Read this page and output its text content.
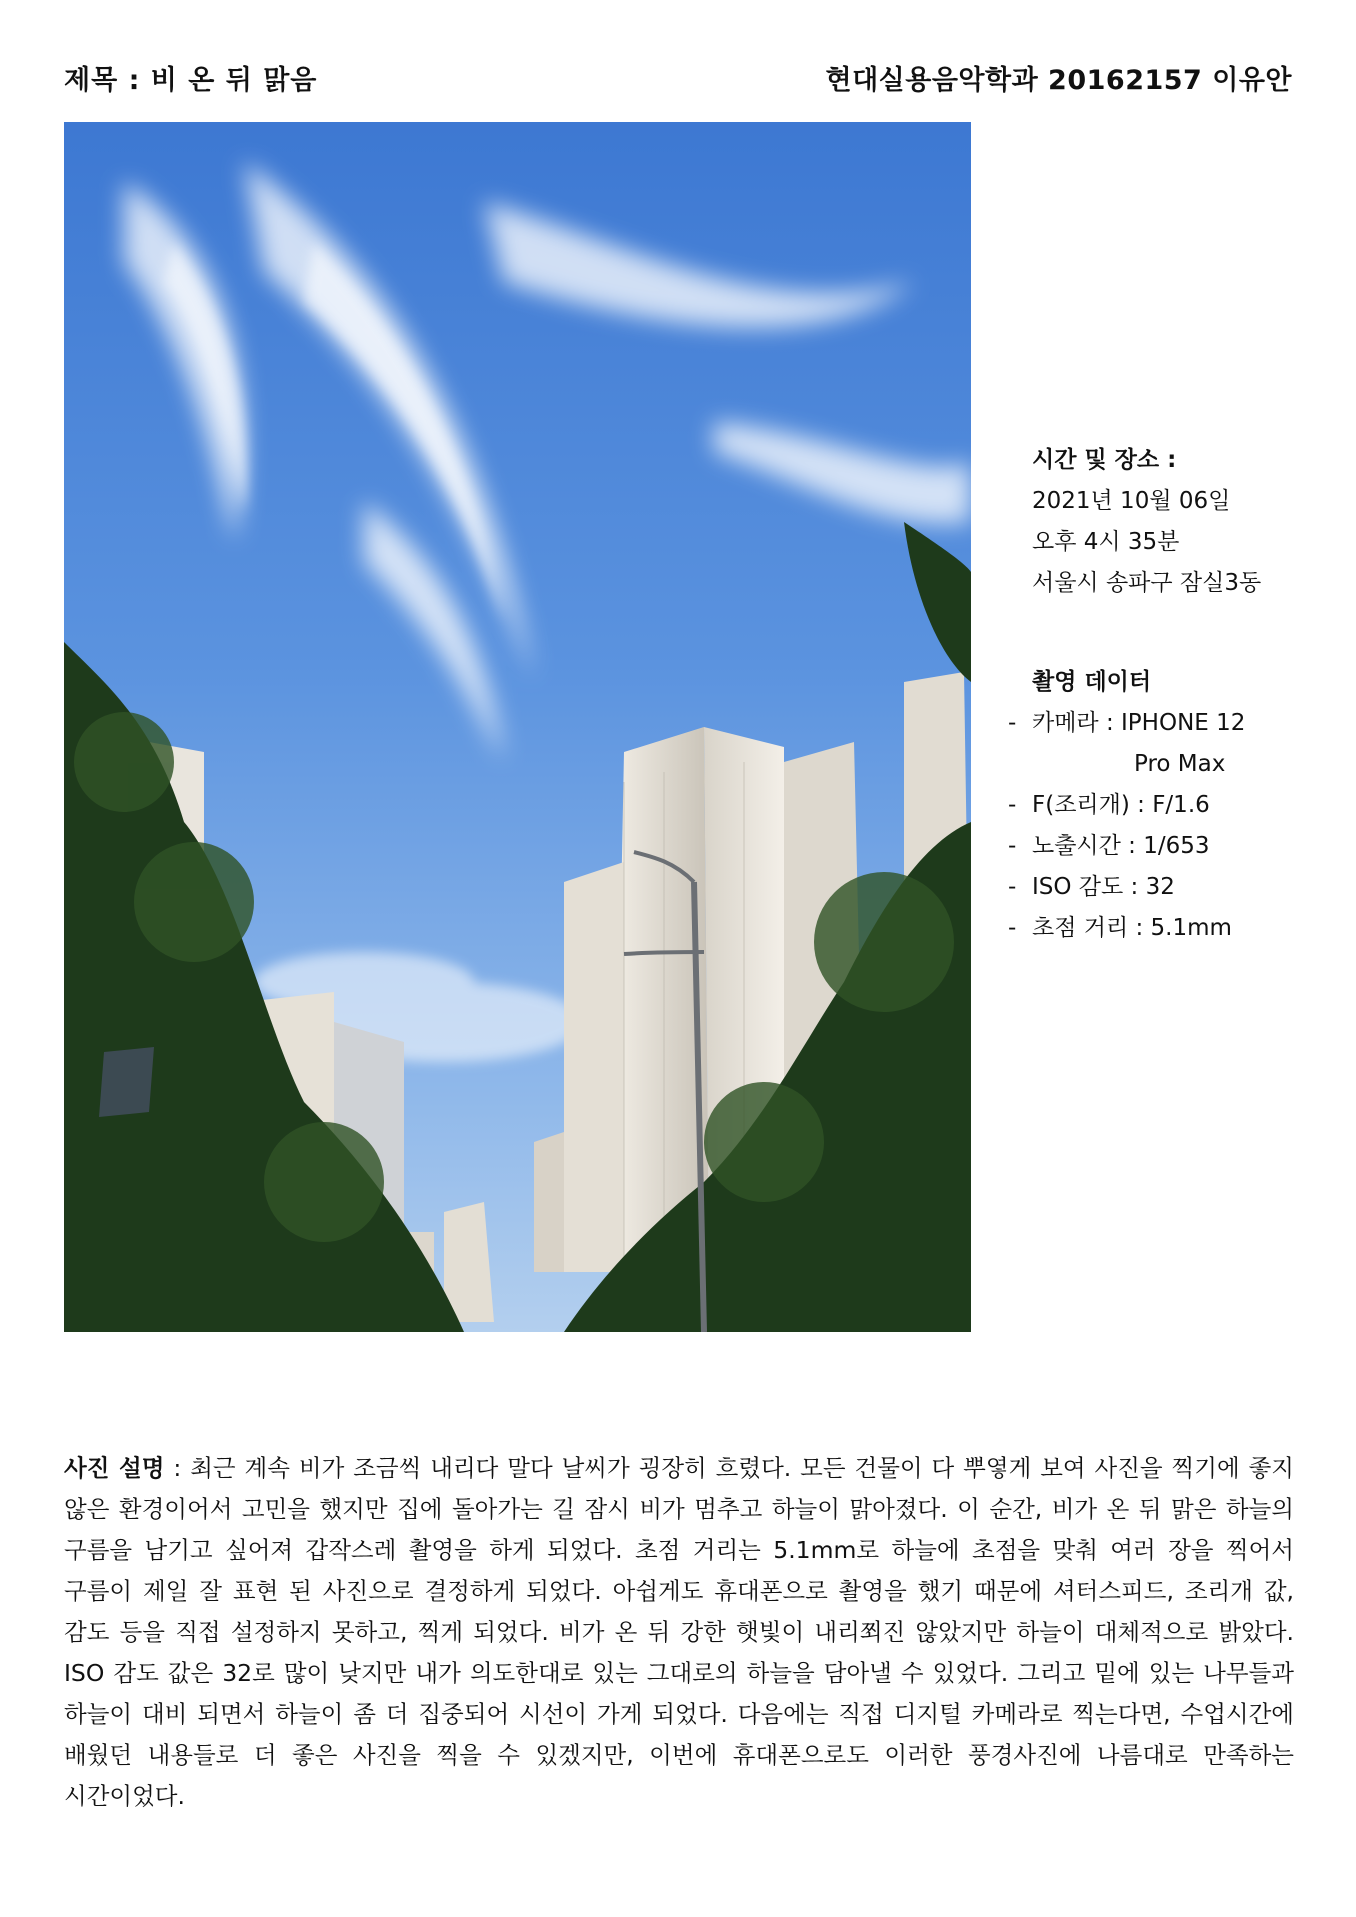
제목 : 비 온 뒤 맑음	현대실용음악학과 20162157 이유안
시간 및 장소 :
2021년 10월 06일
오후 4시 35분
서울시 송파구 잠실3동
촬영 데이터
- 카메라 : IPHONE 12
Pro Max
- F(조리개) : F/1.6
- 노출시간 : 1/653
- ISO 감도 : 32
- 초점 거리 : 5.1mm
사진 설명 : 최근 계속 비가 조금씩 내리다 말다 날씨가 굉장히 흐렸다. 모든 건물이 다 뿌옇게 보여 사진을 찍기에 좋지 않은 환경이어서 고민을 했지만 집에 돌아가는 길 잠시 비가 멈추고 하늘이 맑아졌다. 이 순간, 비가 온 뒤 맑은 하늘의 구름을 남기고 싶어져 갑작스레 촬영을 하게 되었다. 초점 거리는 5.1mm로 하늘에 초점을 맞춰 여러 장을 찍어서 구름이 제일 잘 표현 된 사진으로 결정하게 되었다. 아쉽게도 휴대폰으로 촬영을 했기 때문에 셔터스피드, 조리개 값, 감도 등을 직접 설정하지 못하고, 찍게 되었다. 비가 온 뒤 강한 햇빛이 내리쬐진 않았지만 하늘이 대체적으로 밝았다. ISO 감도 값은 32로 많이 낮지만 내가 의도한대로 있는 그대로의 하늘을 담아낼 수 있었다. 그리고 밑에 있는 나무들과 하늘이 대비 되면서 하늘이 좀 더 집중되어 시선이 가게 되었다. 다음에는 직접 디지털 카메라로 찍는다면, 수업시간에 배웠던 내용들로 더 좋은 사진을 찍을 수 있겠지만, 이번에 휴대폰으로도 이러한 풍경사진에 나름대로 만족하는 시간이었다.
